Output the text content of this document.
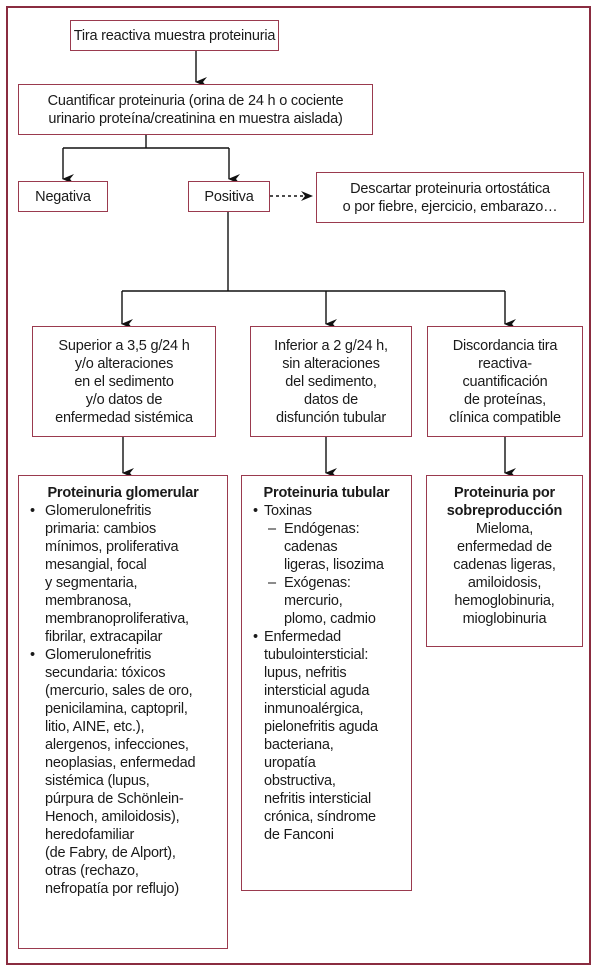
Tira reactiva muestra proteinuria
Cuantificar proteinuria (orina de 24 h o cociente
urinario proteína/creatinina en muestra aislada)
Negativa	Positiva	Descartar proteinuria ortostática
o por fiebre, ejercicio, embarazo…
Superior a 3,5 g/24 h
y/o alteraciones
en el sedimento
y/o datos de
enfermedad sistémica
Inferior a 2 g/24 h,
sin alteraciones
del sedimento,
datos de
disfunción tubular
Discordancia tira
reactiva-
cuantificación
de proteínas,
clínica compatible
Proteinuria glomerular
• Glomerulonefritis
primaria: cambios
mínimos, proliferativa
mesangial, focal
y segmentaria,
membranosa,
membranoproliferativa,
fibrilar, extracapilar
• Glomerulonefritis
secundaria: tóxicos
(mercurio, sales de oro,
penicilamina, captopril,
litio, AINE, etc.),
alergenos, infecciones,
neoplasias, enfermedad
sistémica (lupus,
púrpura de Schönlein-
Henoch, amiloidosis),
heredofamiliar
(de Fabry, de Alport),
otras (rechazo,
nefropatía por reflujo)
Proteinuria tubular
• Toxinas
– Endógenas:
cadenas
ligeras, lisozima
– Exógenas:
mercurio,
plomo, cadmio
• Enfermedad
tubulointersticial:
lupus, nefritis
intersticial aguda
inmunoalérgica,
pielonefritis aguda
bacteriana,
uropatía
obstructiva,
nefritis intersticial
crónica, síndrome
de Fanconi
Proteinuria por
sobreproducción
Mieloma,
enfermedad de
cadenas ligeras,
amiloidosis,
hemoglobinuria,
mioglobinuria
